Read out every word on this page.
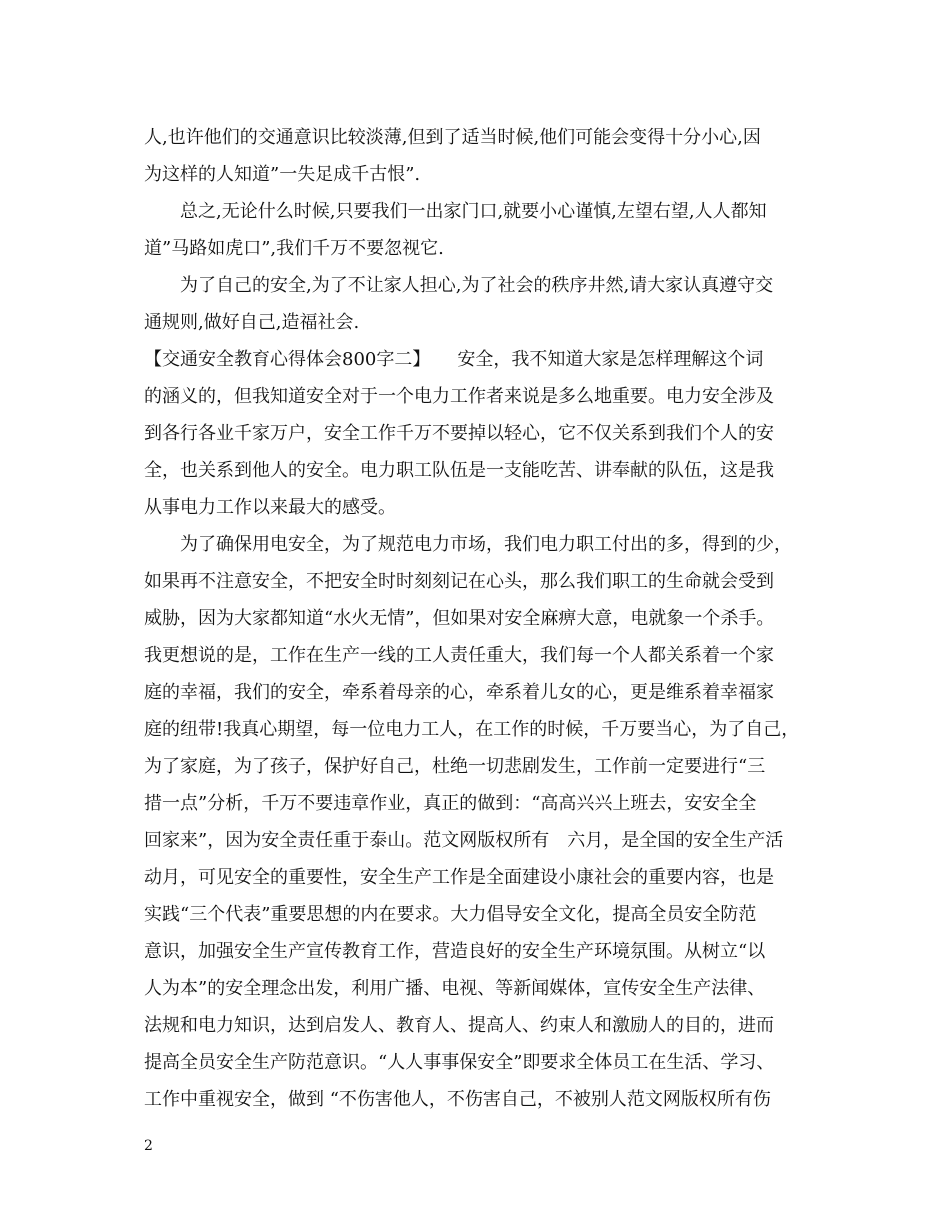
人,也许他们的交通意识比较淡薄,但到了适当时候,他们可能会变得十分小心,因
为这样的人知道”一失足成千古恨”.
总之,无论什么时候,只要我们一出家门口,就要小心谨慎,左望右望,人人都知
道”马路如虎口”,我们千万不要忽视它.
为了自己的安全,为了不让家人担心,为了社会的秩序井然,请大家认真遵守交
通规则,做好自己,造福社会.
【交通安全教育心得体会800字二】　　安全，我不知道大家是怎样理解这个词
的涵义的，但我知道安全对于一个电力工作者来说是多么地重要。电力安全涉及
到各行各业千家万户，安全工作千万不要掉以轻心，它不仅关系到我们个人的安
全，也关系到他人的安全。电力职工队伍是一支能吃苦、讲奉献的队伍，这是我
从事电力工作以来最大的感受。
为了确保用电安全，为了规范电力市场，我们电力职工付出的多，得到的少，
如果再不注意安全，不把安全时时刻刻记在心头，那么我们职工的生命就会受到
威胁，因为大家都知道“水火无情”，但如果对安全麻痹大意，电就象一个杀手。
我更想说的是，工作在生产一线的工人责任重大，我们每一个人都关系着一个家
庭的幸福，我们的安全，牵系着母亲的心，牵系着儿女的心，更是维系着幸福家
庭的纽带!我真心期望，每一位电力工人，在工作的时候，千万要当心，为了自己，
为了家庭，为了孩子，保护好自己，杜绝一切悲剧发生，工作前一定要进行“三
措一点”分析，千万不要违章作业，真正的做到：“高高兴兴上班去，安安全全
回家来”，因为安全责任重于泰山。范文网版权所有　六月，是全国的安全生产活
动月，可见安全的重要性，安全生产工作是全面建设小康社会的重要内容，也是
实践“三个代表”重要思想的内在要求。大力倡导安全文化，提高全员安全防范
意识，加强安全生产宣传教育工作，营造良好的安全生产环境氛围。从树立“以
人为本”的安全理念出发，利用广播、电视、等新闻媒体，宣传安全生产法律、
法规和电力知识，达到启发人、教育人、提高人、约束人和激励人的目的，进而
提高全员安全生产防范意识。“人人事事保安全”即要求全体员工在生活、学习、
工作中重视安全，做到 “不伤害他人，不伤害自己，不被别人范文网版权所有伤
2
